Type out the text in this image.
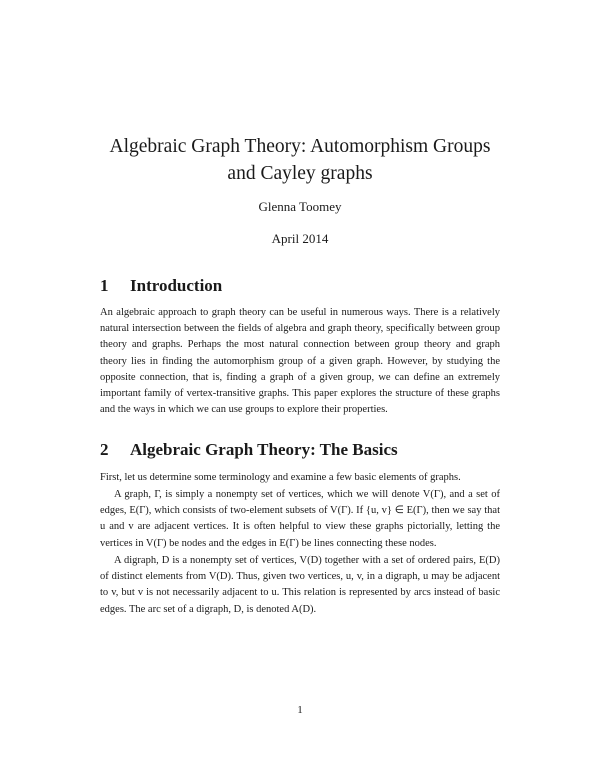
Algebraic Graph Theory: Automorphism Groups
and Cayley graphs
Glenna Toomey
April 2014
1 Introduction

An algebraic approach to graph theory can be useful in numerous ways. There is a relatively natural intersection between the fields of algebra and graph theory, specifically between group theory and graphs. Perhaps the most natural connection between group theory and graph theory lies in finding the automorphism group of a given graph. However, by studying the opposite connection, that is, finding a graph of a given group, we can define an extremely important family of vertex-transitive graphs. This paper explores the structure of these graphs and the ways in which we can use groups to explore their properties.

2 Algebraic Graph Theory: The Basics

First, let us determine some terminology and examine a few basic elements of graphs.

A graph, Γ, is simply a nonempty set of vertices, which we will denote V(Γ), and a set of edges, E(Γ), which consists of two-element subsets of V(Γ). If {u, v} ∈ E(Γ), then we say that u and v are adjacent vertices. It is often helpful to view these graphs pictorially, letting the vertices in V(Γ) be nodes and the edges in E(Γ) be lines connecting these nodes.

A digraph, D is a nonempty set of vertices, V(D) together with a set of ordered pairs, E(D) of distinct elements from V(D). Thus, given two vertices, u, v, in a digraph, u may be adjacent to v, but v is not necessarily adjacent to u. This relation is represented by arcs instead of basic edges. The arc set of a digraph, D, is denoted A(D).

1
